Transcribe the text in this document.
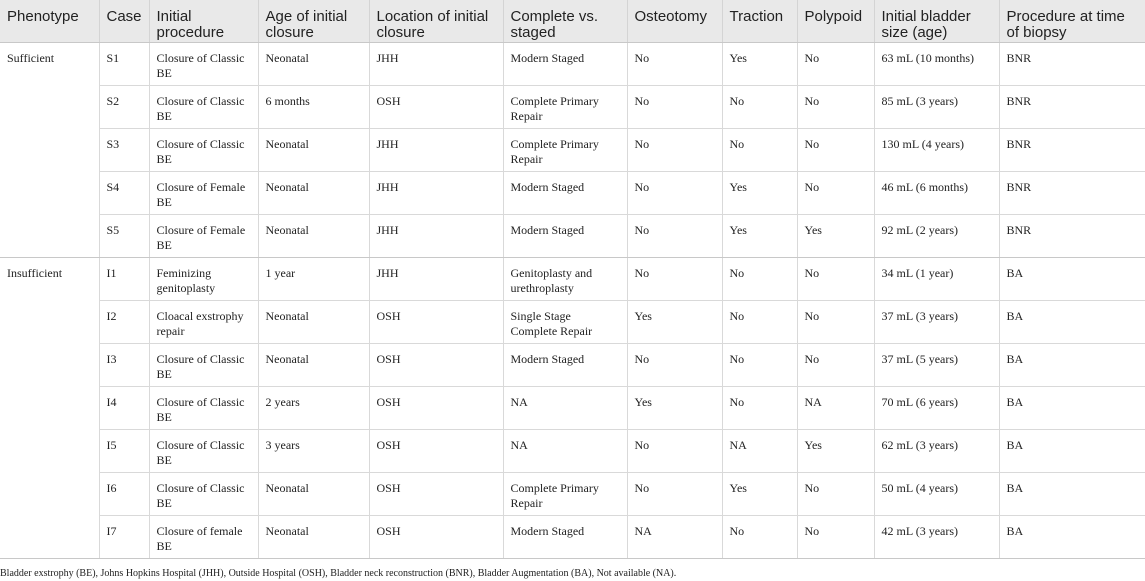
Phenotype	Case	Initial procedure	Age of initial closure	Location of initial closure	Complete vs. staged	Osteotomy	Traction	Polypoid	Initial bladder size (age)	Procedure at time of biopsy
Sufficient	S1	Closure of Classic BE	Neonatal	JHH	Modern Staged	No	Yes	No	63 mL (10 months)	BNR
	S2	Closure of Classic BE	6 months	OSH	Complete Primary Repair	No	No	No	85 mL (3 years)	BNR
	S3	Closure of Classic BE	Neonatal	JHH	Complete Primary Repair	No	No	No	130 mL (4 years)	BNR
	S4	Closure of Female BE	Neonatal	JHH	Modern Staged	No	Yes	No	46 mL (6 months)	BNR
	S5	Closure of Female BE	Neonatal	JHH	Modern Staged	No	Yes	Yes	92 mL (2 years)	BNR
Insufficient	I1	Feminizing genitoplasty	1 year	JHH	Genitoplasty and urethroplasty	No	No	No	34 mL (1 year)	BA
	I2	Cloacal exstrophy repair	Neonatal	OSH	Single Stage Complete Repair	Yes	No	No	37 mL (3 years)	BA
	I3	Closure of Classic BE	Neonatal	OSH	Modern Staged	No	No	No	37 mL (5 years)	BA
	I4	Closure of Classic BE	2 years	OSH	NA	Yes	No	NA	70 mL (6 years)	BA
	I5	Closure of Classic BE	3 years	OSH	NA	No	NA	Yes	62 mL (3 years)	BA
	I6	Closure of Classic BE	Neonatal	OSH	Complete Primary Repair	No	Yes	No	50 mL (4 years)	BA
	I7	Closure of female BE	Neonatal	OSH	Modern Staged	NA	No	No	42 mL (3 years)	BA
Bladder exstrophy (BE), Johns Hopkins Hospital (JHH), Outside Hospital (OSH), Bladder neck reconstruction (BNR), Bladder Augmentation (BA), Not available (NA).
